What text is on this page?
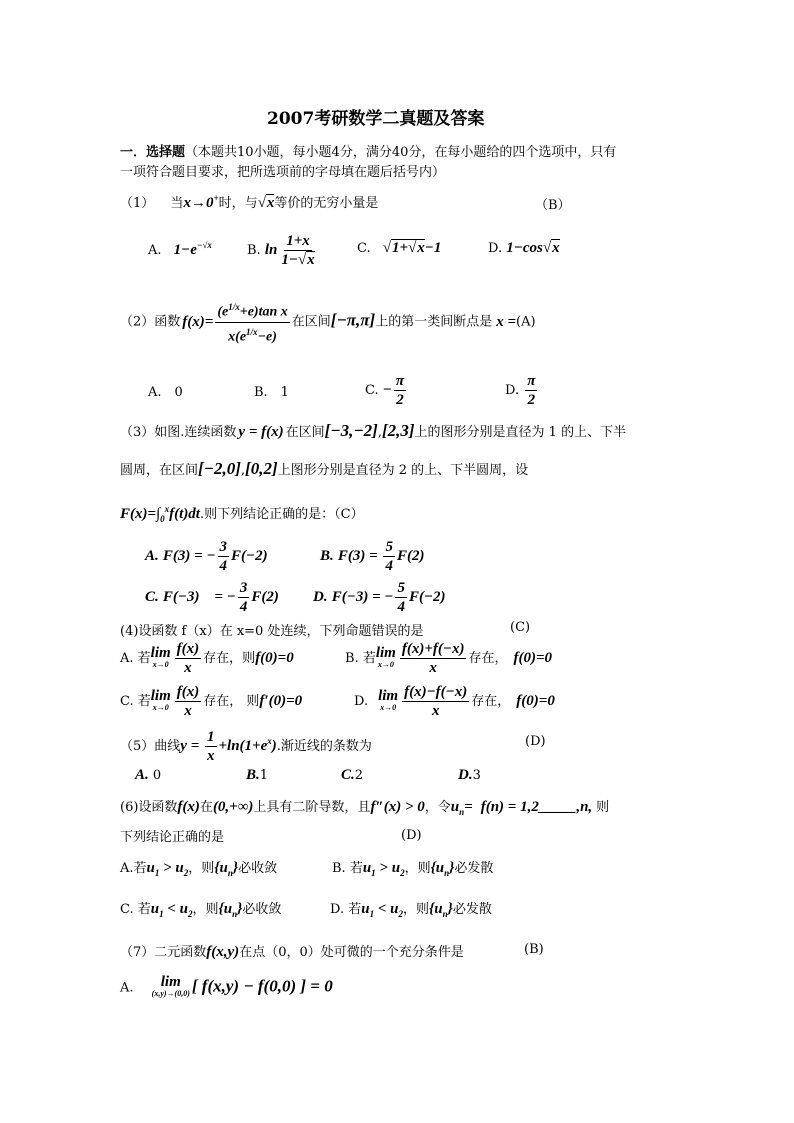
2007考研数学二真题及答案
一．选择题（本题共10小题，每小题4分，满分40分，在每小题给的四个选项中，只有
一项符合题目要求，把所选项前的字母填在题后括号内）
（1） 当x→0+时，与√x等价的无穷小量是	（B）
A. $1-e^{-√x}$	B. $\ln \frac{1+x}{1-√x}$	C. √1+√x−1	D. 1−cos√x
（2）函数 $f(x)= \frac{(e^{1/x}+e)\tan x}{x(e^{1/x}-e)}$ 在区间[−π,π]上的第一类间断点是 x =(A)
A.　0	B.　1	C. − $\frac{\pi}{2}$	D. $\frac{\pi}{2}$
（3）如图.连续函数 y = f(x) 在区间[−3,−2],[2,3]上的图形分别是直径为 1 的上、下半
圆周，在区间[−2,0],[0,2]上图形分别是直径为 2 的上、下半圆周，设
$F(x)=\int_0^xf(t)dt$.则下列结论正确的是：（C）
A. F(3) = − $\frac{3}{4} F(-2)$	B. $F(3) = \frac{5}{4} F(2)$
C. F(−3)　= − $\frac{3}{4} F(2)$ D. F(−3) = − $\frac{5}{4} F(-2)$
(4)设函数 f（x）在 x=0 处连续，下列命题错误的是	(C)
A. 若 lim
$x\to 0 \frac{f(x)}{x}$ 存在，则f(0)=0	B. 若 lim
$x\to 0 \frac{f(x)+f(-x)}{x}$ 存在， f(0)=0
C. 若 lim
$x\to 0 \frac{f(x)}{x}$ 存在， 则f′(0)=0	D. lim
$x\to 0 \frac{f(x)-f(-x)}{x}$ 存在， f(0)=0
（5）曲线$y = \frac{1}{x} +\ln(1+e^x)$.渐近线的条数为	(D)
A. 0	B.1	C.2	D.3
(6)设函数f(x)在(0,+∞)上具有二阶导数，且f″(x) > 0，令$u_n= f(n)$ = 1,2_____,n, 则
下列结论正确的是	(D)
A.若$u_1 > u_2$，则$\{u_n\}$必收敛	B. 若$u_1 > u_2$，则$\{u_n\}$必发散
C. 若$u_1 < u_2$，则$\{u_n\}$必收敛	D. 若$u_1 < u_2$，则$\{u_n\}$必发散
（7）二元函数f(x,y)在点（0，0）处可微的一个充分条件是	(B)
A. lim
(x,y)→(0,0) [ f(x,y) − f(0,0) ] = 0
